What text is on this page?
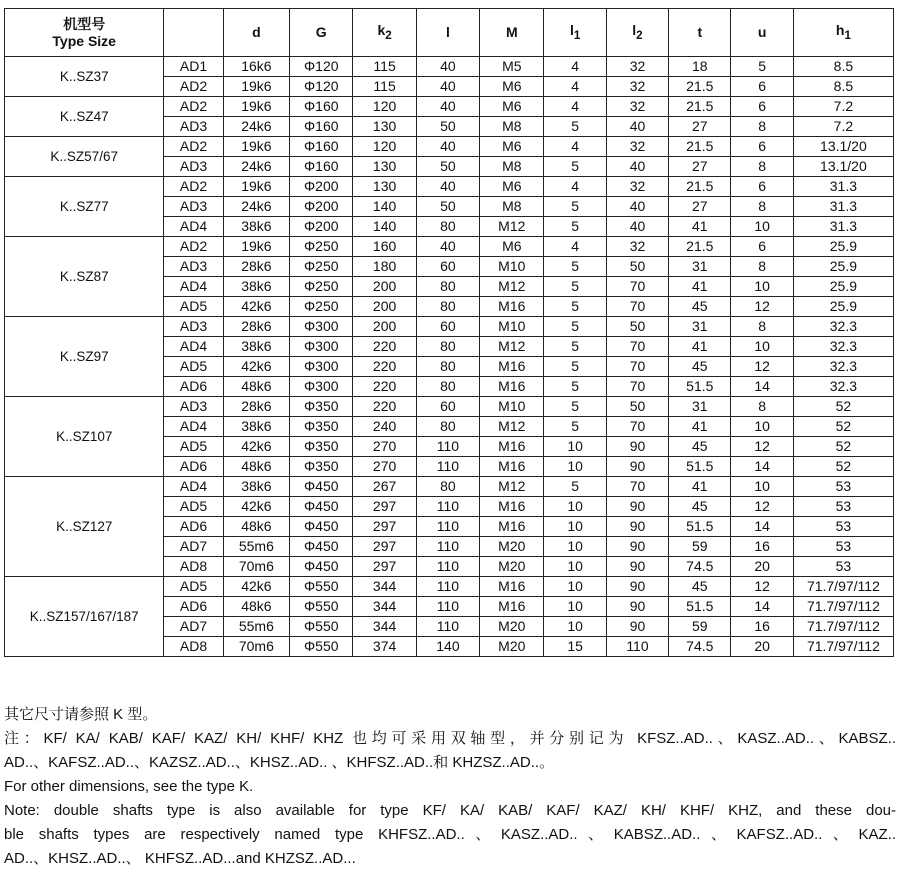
机型号
Type Size		d	G	$k_2$	l	M	$l_1$	$l_2$	t	u	$h_1$
K..SZ37	AD1	16k6	Φ120	115	40	M5	4	32	18	5	8.5
	AD2	19k6	Φ120	115	40	M6	4	32	21.5	6	8.5
K..SZ47	AD2	19k6	Φ160	120	40	M6	4	32	21.5	6	7.2
	AD3	24k6	Φ160	130	50	M8	5	40	27	8	7.2
K..SZ57/67	AD2	19k6	Φ160	120	40	M6	4	32	21.5	6	13.1/20
	AD3	24k6	Φ160	130	50	M8	5	40	27	8	13.1/20
K..SZ77	AD2	19k6	Φ200	130	40	M6	4	32	21.5	6	31.3
	AD3	24k6	Φ200	140	50	M8	5	40	27	8	31.3
	AD4	38k6	Φ200	140	80	M12	5	40	41	10	31.3
K..SZ87	AD2	19k6	Φ250	160	40	M6	4	32	21.5	6	25.9
	AD3	28k6	Φ250	180	60	M10	5	50	31	8	25.9
	AD4	38k6	Φ250	200	80	M12	5	70	41	10	25.9
	AD5	42k6	Φ250	200	80	M16	5	70	45	12	25.9
K..SZ97	AD3	28k6	Φ300	200	60	M10	5	50	31	8	32.3
	AD4	38k6	Φ300	220	80	M12	5	70	41	10	32.3
	AD5	42k6	Φ300	220	80	M16	5	70	45	12	32.3
	AD6	48k6	Φ300	220	80	M16	5	70	51.5	14	32.3
K..SZ107	AD3	28k6	Φ350	220	60	M10	5	50	31	8	52
	AD4	38k6	Φ350	240	80	M12	5	70	41	10	52
	AD5	42k6	Φ350	270	110	M16	10	90	45	12	52
	AD6	48k6	Φ350	270	110	M16	10	90	51.5	14	52
K..SZ127	AD4	38k6	Φ450	267	80	M12	5	70	41	10	53
	AD5	42k6	Φ450	297	110	M16	10	90	45	12	53
	AD6	48k6	Φ450	297	110	M16	10	90	51.5	14	53
	AD7	55m6	Φ450	297	110	M20	10	90	59	16	53
	AD8	70m6	Φ450	297	110	M20	10	90	74.5	20	53
K..SZ157/167/187	AD5	42k6	Φ550	344	110	M16	10	90	45	12	71.7/97/112
	AD6	48k6	Φ550	344	110	M16	10	90	51.5	14	71.7/97/112
	AD7	55m6	Φ550	344	110	M20	10	90	59	16	71.7/97/112
	AD8	70m6	Φ550	374	140	M20	15	110	74.5	20	71.7/97/112

其它尺寸请参照 K 型。

注：KF/ KA/ KAB/ KAF/ KAZ/ KH/ KHF/ KHZ 也均可采用双轴型，并分别记为 KFSZ..AD..、KASZ..AD..、KABSZ..

AD..、KAFSZ..AD..、KAZSZ..AD..、KHSZ..AD.. 、KHFSZ..AD..和 KHZSZ..AD..。

For other dimensions, see the type K.

Note: double shafts type is also available for type KF/ KA/ KAB/ KAF/ KAZ/ KH/ KHF/ KHZ, and these dou-

ble shafts types are respectively named type KHFSZ..AD..、KASZ..AD..、KABSZ..AD..、KAFSZ..AD..、KAZ..

AD..、KHSZ..AD..、 KHFSZ..AD...and KHZSZ..AD...
